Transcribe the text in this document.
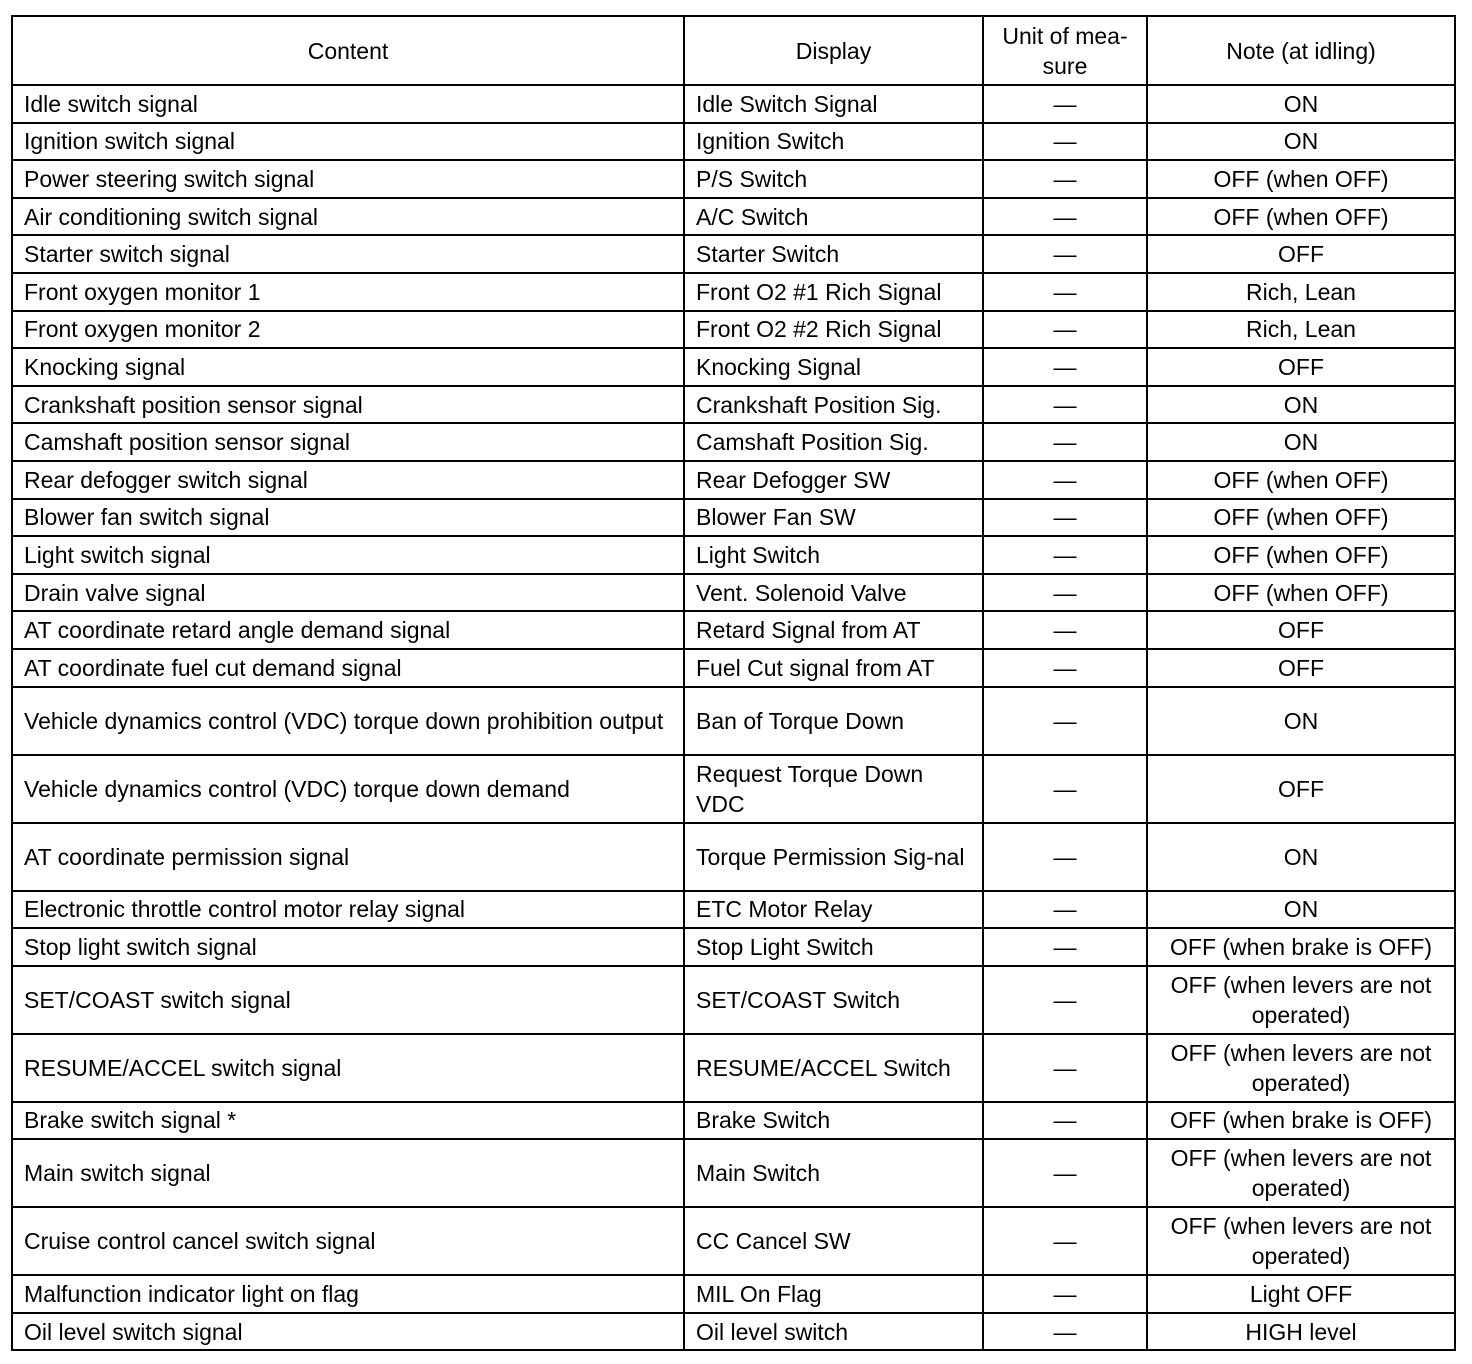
Content	Display	Unit of mea-sure	Note (at idling)
Idle switch signal	Idle Switch Signal	—	ON
Ignition switch signal	Ignition Switch	—	ON
Power steering switch signal	P/S Switch	—	OFF (when OFF)
Air conditioning switch signal	A/C Switch	—	OFF (when OFF)
Starter switch signal	Starter Switch	—	OFF
Front oxygen monitor 1	Front O2 #1 Rich Signal	—	Rich, Lean
Front oxygen monitor 2	Front O2 #2 Rich Signal	—	Rich, Lean
Knocking signal	Knocking Signal	—	OFF
Crankshaft position sensor signal	Crankshaft Position Sig.	—	ON
Camshaft position sensor signal	Camshaft Position Sig.	—	ON
Rear defogger switch signal	Rear Defogger SW	—	OFF (when OFF)
Blower fan switch signal	Blower Fan SW	—	OFF (when OFF)
Light switch signal	Light Switch	—	OFF (when OFF)
Drain valve signal	Vent. Solenoid Valve	—	OFF (when OFF)
AT coordinate retard angle demand signal	Retard Signal from AT	—	OFF
AT coordinate fuel cut demand signal	Fuel Cut signal from AT	—	OFF
Vehicle dynamics control (VDC) torque down prohibition output	Ban of Torque Down	—	ON
Vehicle dynamics control (VDC) torque down demand	Request Torque Down VDC	—	OFF
AT coordinate permission signal	Torque Permission Sig-nal	—	ON
Electronic throttle control motor relay signal	ETC Motor Relay	—	ON
Stop light switch signal	Stop Light Switch	—	OFF (when brake is OFF)
SET/COAST switch signal	SET/COAST Switch	—	OFF (when levers are not operated)
RESUME/ACCEL switch signal	RESUME/ACCEL Switch	—	OFF (when levers are not operated)
Brake switch signal *	Brake Switch	—	OFF (when brake is OFF)
Main switch signal	Main Switch	—	OFF (when levers are not operated)
Cruise control cancel switch signal	CC Cancel SW	—	OFF (when levers are not operated)
Malfunction indicator light on flag	MIL On Flag	—	Light OFF
Oil level switch signal	Oil level switch	—	HIGH level
